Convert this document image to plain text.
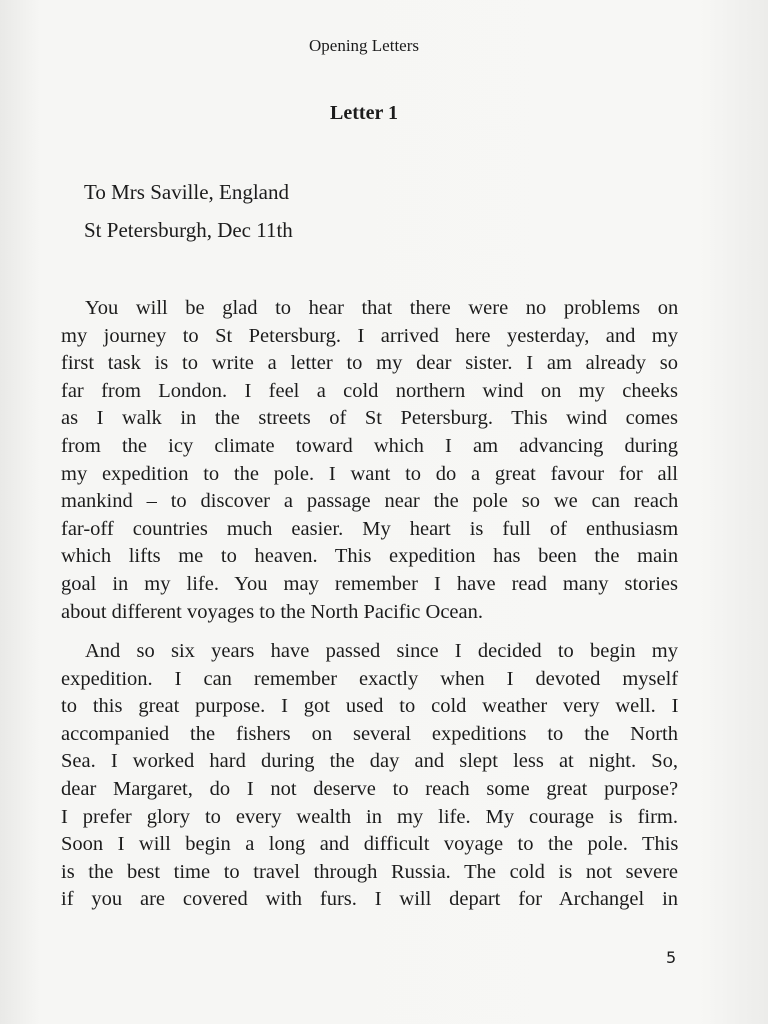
Opening Letters
Letter 1
To Mrs Saville, England
St Petersburgh, Dec 11th
You will be glad to hear that there were no problems on
my journey to St Petersburg. I arrived here yesterday, and my
first task is to write a letter to my dear sister. I am already so
far from London. I feel a cold northern wind on my cheeks
as I walk in the streets of St Petersburg. This wind comes
from the icy climate toward which I am advancing during
my expedition to the pole. I want to do a great favour for all
mankind – to discover a passage near the pole so we can reach
far-off countries much easier. My heart is full of enthusiasm
which lifts me to heaven. This expedition has been the main
goal in my life. You may remember I have read many stories
about different voyages to the North Pacific Ocean.
And so six years have passed since I decided to begin my
expedition. I can remember exactly when I devoted myself
to this great purpose. I got used to cold weather very well. I
accompanied the fishers on several expeditions to the North
Sea. I worked hard during the day and slept less at night. So,
dear Margaret, do I not deserve to reach some great purpose?
I prefer glory to every wealth in my life. My courage is firm.
Soon I will begin a long and difficult voyage to the pole. This
is the best time to travel through Russia. The cold is not severe
if you are covered with furs. I will depart for Archangel in
5
